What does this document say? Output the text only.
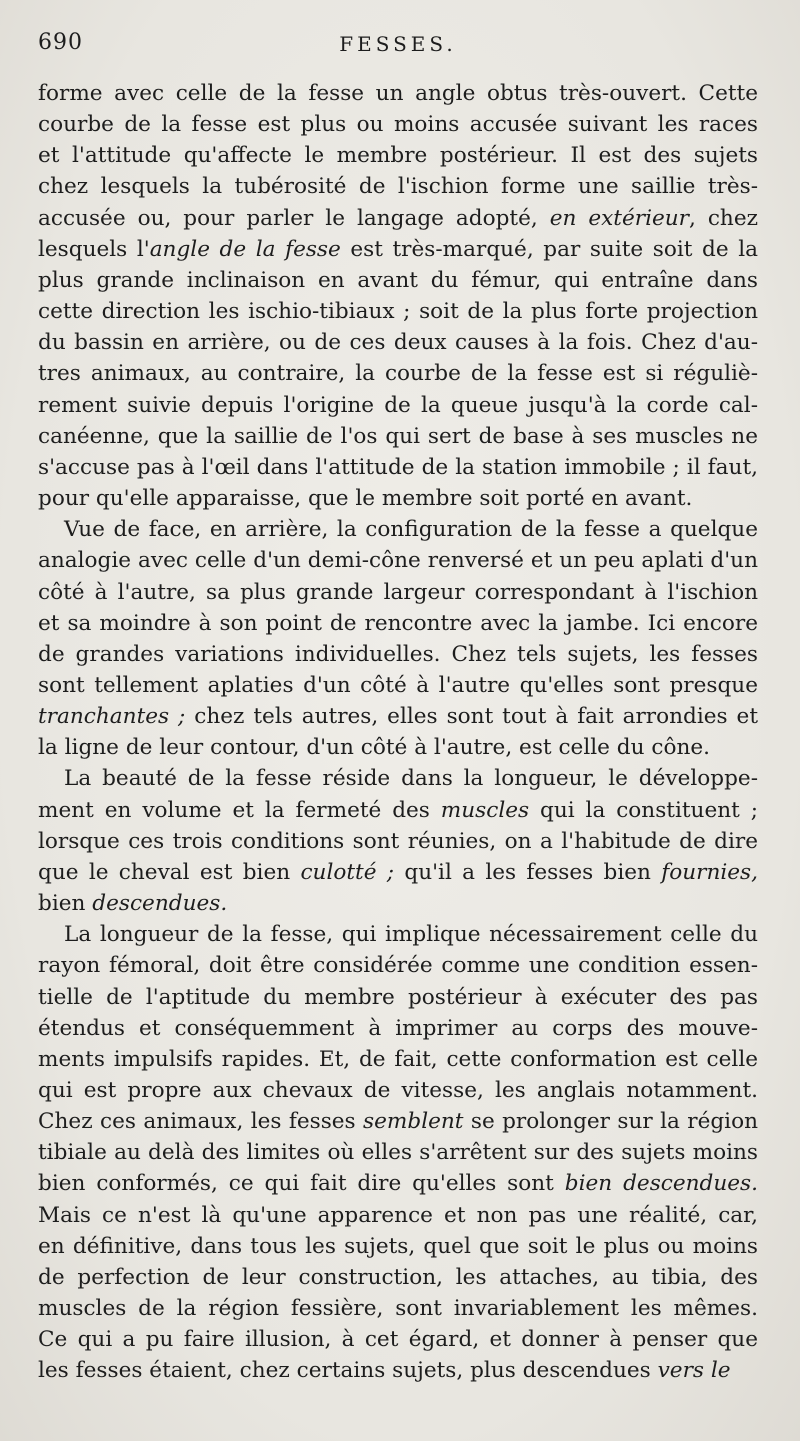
690	FESSES.
forme avec celle de la fesse un angle obtus très-ouvert. Cette
courbe de la fesse est plus ou moins accusée suivant les races
et l'attitude qu'affecte le membre postérieur. Il est des sujets
chez lesquels la tubérosité de l'ischion forme une saillie très-
accusée ou, pour parler le langage adopté, en extérieur, chez
lesquels l'angle de la fesse est très-marqué, par suite soit de la
plus grande inclinaison en avant du fémur, qui entraîne dans
cette direction les ischio-tibiaux ; soit de la plus forte projection
du bassin en arrière, ou de ces deux causes à la fois. Chez d'au-
tres animaux, au contraire, la courbe de la fesse est si réguliè-
rement suivie depuis l'origine de la queue jusqu'à la corde cal-
canéenne, que la saillie de l'os qui sert de base à ses muscles ne
s'accuse pas à l'œil dans l'attitude de la station immobile ; il faut,
pour qu'elle apparaisse, que le membre soit porté en avant.
Vue de face, en arrière, la configuration de la fesse a quelque
analogie avec celle d'un demi-cône renversé et un peu aplati d'un
côté à l'autre, sa plus grande largeur correspondant à l'ischion
et sa moindre à son point de rencontre avec la jambe. Ici encore
de grandes variations individuelles. Chez tels sujets, les fesses
sont tellement aplaties d'un côté à l'autre qu'elles sont presque
tranchantes ; chez tels autres, elles sont tout à fait arrondies et
la ligne de leur contour, d'un côté à l'autre, est celle du cône.
La beauté de la fesse réside dans la longueur, le développe-
ment en volume et la fermeté des muscles qui la constituent ;
lorsque ces trois conditions sont réunies, on a l'habitude de dire
que le cheval est bien culotté ; qu'il a les fesses bien fournies,
bien descendues.
La longueur de la fesse, qui implique nécessairement celle du
rayon fémoral, doit être considérée comme une condition essen-
tielle de l'aptitude du membre postérieur à exécuter des pas
étendus et conséquemment à imprimer au corps des mouve-
ments impulsifs rapides. Et, de fait, cette conformation est celle
qui est propre aux chevaux de vitesse, les anglais notamment.
Chez ces animaux, les fesses semblent se prolonger sur la région
tibiale au delà des limites où elles s'arrêtent sur des sujets moins
bien conformés, ce qui fait dire qu'elles sont bien descendues.
Mais ce n'est là qu'une apparence et non pas une réalité, car,
en définitive, dans tous les sujets, quel que soit le plus ou moins
de perfection de leur construction, les attaches, au tibia, des
muscles de la région fessière, sont invariablement les mêmes.
Ce qui a pu faire illusion, à cet égard, et donner à penser que
les fesses étaient, chez certains sujets, plus descendues vers le
